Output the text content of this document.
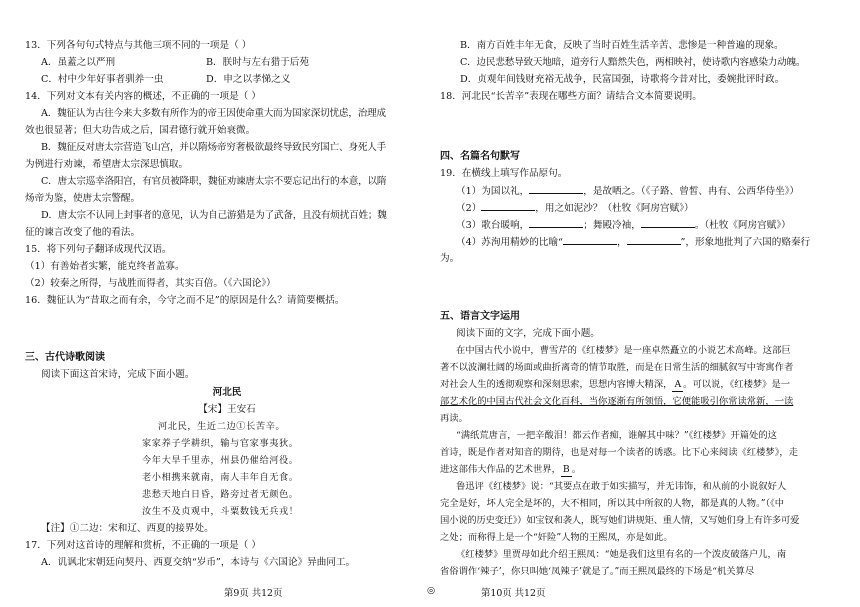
13．下列各句句式特点与其他三项不同的一项是（ ）
A．虽蓋之以严刑	B．朕时与左右猎于后苑
C．村中少年好事者驯养一虫	D．申之以孝悌之义
14．下列对文本有关内容的概述，不正确的一项是（ ）
A．魏征认为古往今来大多数有所作为的帝王因使命重大而为国家深切忧虑，治理成
效也很显著；但大功告成之后，国君德行就开始衰微。
B．魏征反对唐太宗营造飞山宫，并以隋炀帝穷奢极欲最终导致民穷国亡、身死人手
为例进行劝谏，希望唐太宗深思慎取。
C．唐太宗巡幸洛阳宫，有官员被降职，魏征劝谏唐太宗不要忘记出行的本意，以隋
炀帝为鉴，使唐太宗警醒。
D．唐太宗不认同上封事者的意见，认为自己游猎是为了武备，且没有烦扰百姓；魏
征的谏言改变了他的看法。
15．将下列句子翻译成现代汉语。
（1）有善始者实繁，能克终者盖寡。
（2）较秦之所得，与战胜而得者，其实百倍。（《六国论》）
16．魏征认为“昔取之而有余，今守之而不足”的原因是什么？请简要概括。
三、古代诗歌阅读
阅读下面这首宋诗，完成下面小题。
河北民
【宋】王安石
河北民，生近二边①长苦辛。
家家养子学耕织，输与官家事夷狄。
今年大旱千里赤，州县仍催给河役。
老小相携来就南，南人丰年自无食。
悲愁天地白日昏，路旁过者无颜色。
汝生不及贞观中，斗粟数钱无兵戎！
【注】①二边：宋和辽、西夏的接界处。
17．下列对这首诗的理解和赏析，不正确的一项是（ ）
A．讥讽北宋朝廷向契丹、西夏交纳“岁币”，本诗与《六国论》异曲同工。
第9页 共12页	◎	第10页 共12页
B．南方百姓丰年无食，反映了当时百姓生活辛苦、悲惨是一种普遍的现象。
C．边民悲愁导致天地暗，道旁行人黯然失色，两相映衬，使诗歌内容感染力动魄。
D．贞观年间钱财充裕无战争，民富国强，诗歌将今昔对比，委婉批评时政。
18．河北民“长苦辛”表现在哪些方面？请结合文本简要说明。
四、名篇名句默写
19．在横线上填写作品原句。
（1）为国以礼，	，是故哂之。（《子路、曾皙、冉有、公西华侍坐》）
（2）	，用之如泥沙？（杜牧《阿房宫赋》）
（3）歌台暖响，	；舞殿冷袖，	。（杜牧《阿房宫赋》）
（4）苏洵用精妙的比喻“	，	”，形象地批判了六国的赂秦行
为。
五、语言文字运用
阅读下面的文字，完成下面小题。
在中国古代小说中，曹雪芹的《红楼梦》是一座卓然矗立的小说艺术高峰。这部巨
著不以波澜壮阔的场面或曲折离奇的情节取胜，而是在日常生活的细腻叙写中寄寓作者
对社会人生的透彻观察和深刻思索，思想内容博大精深， A 。可以说，《红楼梦》是一
部艺术化的中国古代社会文化百科，当你逐渐有所领悟，它便能吸引你常读常新，一读
再读。
“满纸荒唐言，一把辛酸泪！都云作者痴，谁解其中味？”《红楼梦》开篇处的这
首诗，既是作者对知音的期待，也是对每一个读者的诱惑。比下心来阅读《红楼梦》，走
进这部伟大作品的艺术世界， B 。
鲁迅评《红楼梦》说：“其要点在敢于如实描写，并无讳饰，和从前的小说叙好人
完全是好，坏人完全是坏的，大不相同，所以其中所叙的人物，都是真的人物。”（《中
国小说的历史变迁》）如宝钗和袭人，既写她们讲规矩、重人情，又写她们身上有许多可爱
之处；而称得上是一个“奸险”人物的王熙凤，亦是如此。
《红楼梦》里贾母如此介绍王熙凤：“她是我们这里有名的一个泼皮破落户儿，南
省俗谓作‘辣子’，你只叫她‘凤辣子’就是了。”而王熙凤最终的下场是“机关算尽
